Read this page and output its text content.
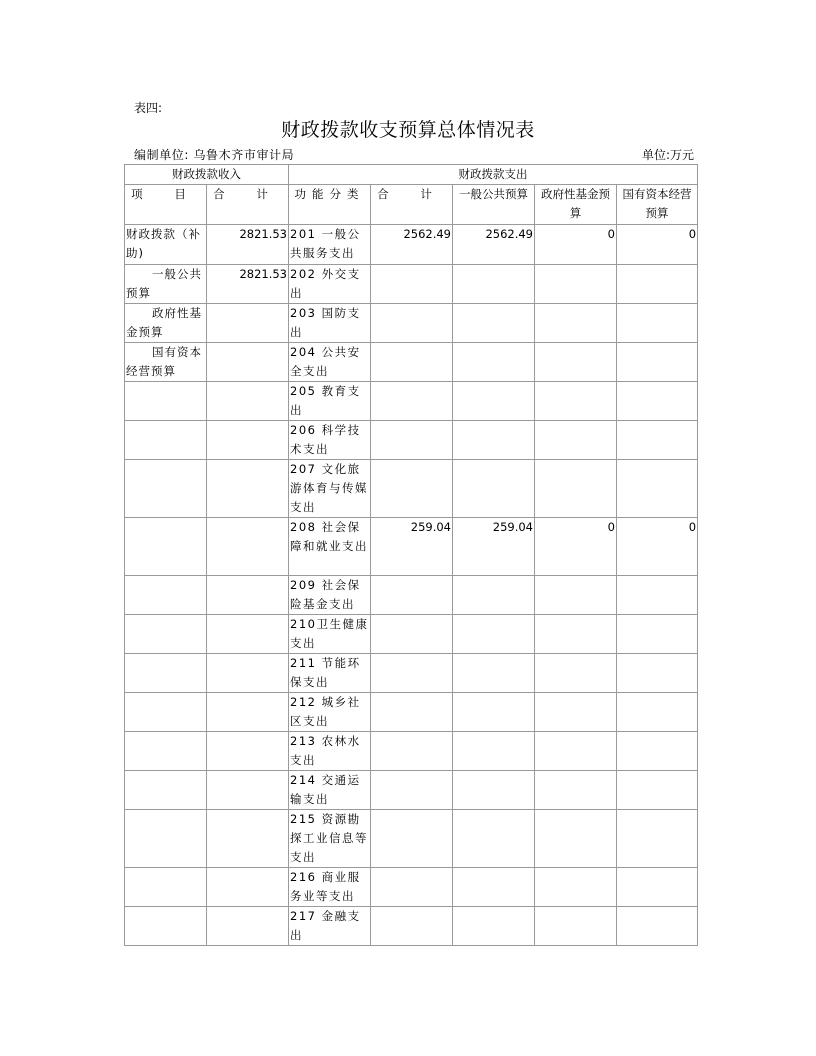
表四:
财政拨款收支预算总体情况表
编制单位: 乌鲁木齐市审计局	单位:万元
财政拨款收入		财政拨款支出				
项 目	合 计	功能分类	合 计	一般公共预算	政府性基金预算	国有资本经营预算
财政拨款（补助)	2821.53	201 一般公共服务支出	2562.49	2562.49	0	0
一般公共预算	2821.53	202 外交支出				
政府性基金预算		203 国防支出				
国有资本经营预算		204 公共安全支出				
		205 教育支出				
		206 科学技术支出				
		207 文化旅游体育与传媒支出				
		208 社会保障和就业支出	259.04	259.04	0	0
		209 社会保险基金支出				
		210卫生健康支出				
		211 节能环保支出				
		212 城乡社区支出				
		213 农林水支出				
		214 交通运输支出				
		215 资源勘探工业信息等支出				
		216 商业服务业等支出				
		217 金融支出				
